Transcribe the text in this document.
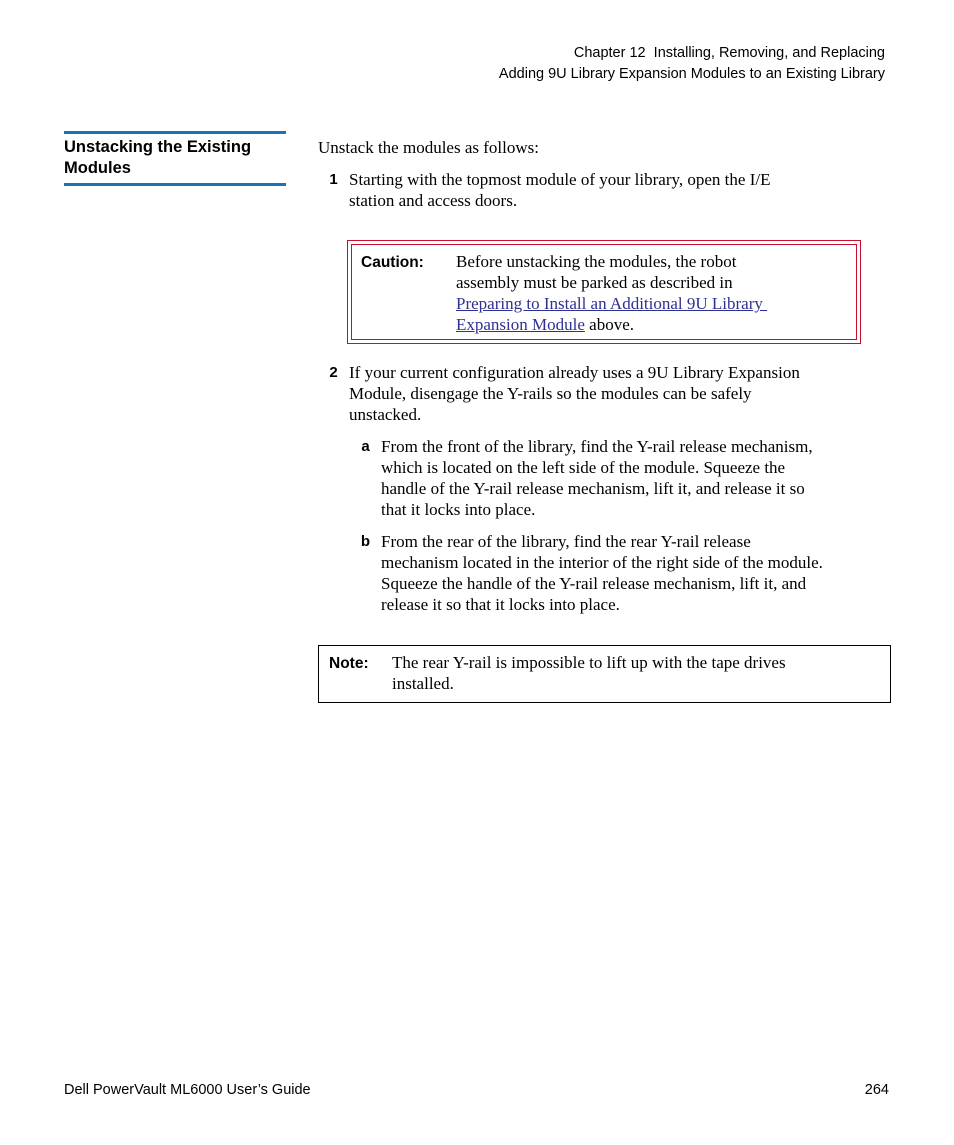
Chapter 12  Installing, Removing, and Replacing
Adding 9U Library Expansion Modules to an Existing Library
Unstacking the Existing
Modules
Unstack the modules as follows:
1 Starting with the topmost module of your library, open the I/E
station and access doors.
Caution:	Before unstacking the modules, the robot
assembly must be parked as described in
Preparing to Install an Additional 9U Library
Expansion Module above.
2 If your current configuration already uses a 9U Library Expansion
Module, disengage the Y-rails so the modules can be safely
unstacked.
a From the front of the library, find the Y-rail release mechanism,
which is located on the left side of the module. Squeeze the
handle of the Y-rail release mechanism, lift it, and release it so
that it locks into place.
b From the rear of the library, find the rear Y-rail release
mechanism located in the interior of the right side of the module.
Squeeze the handle of the Y-rail release mechanism, lift it, and
release it so that it locks into place.
Note:	The rear Y-rail is impossible to lift up with the tape drives
installed.
Dell PowerVault ML6000 User’s Guide	264
